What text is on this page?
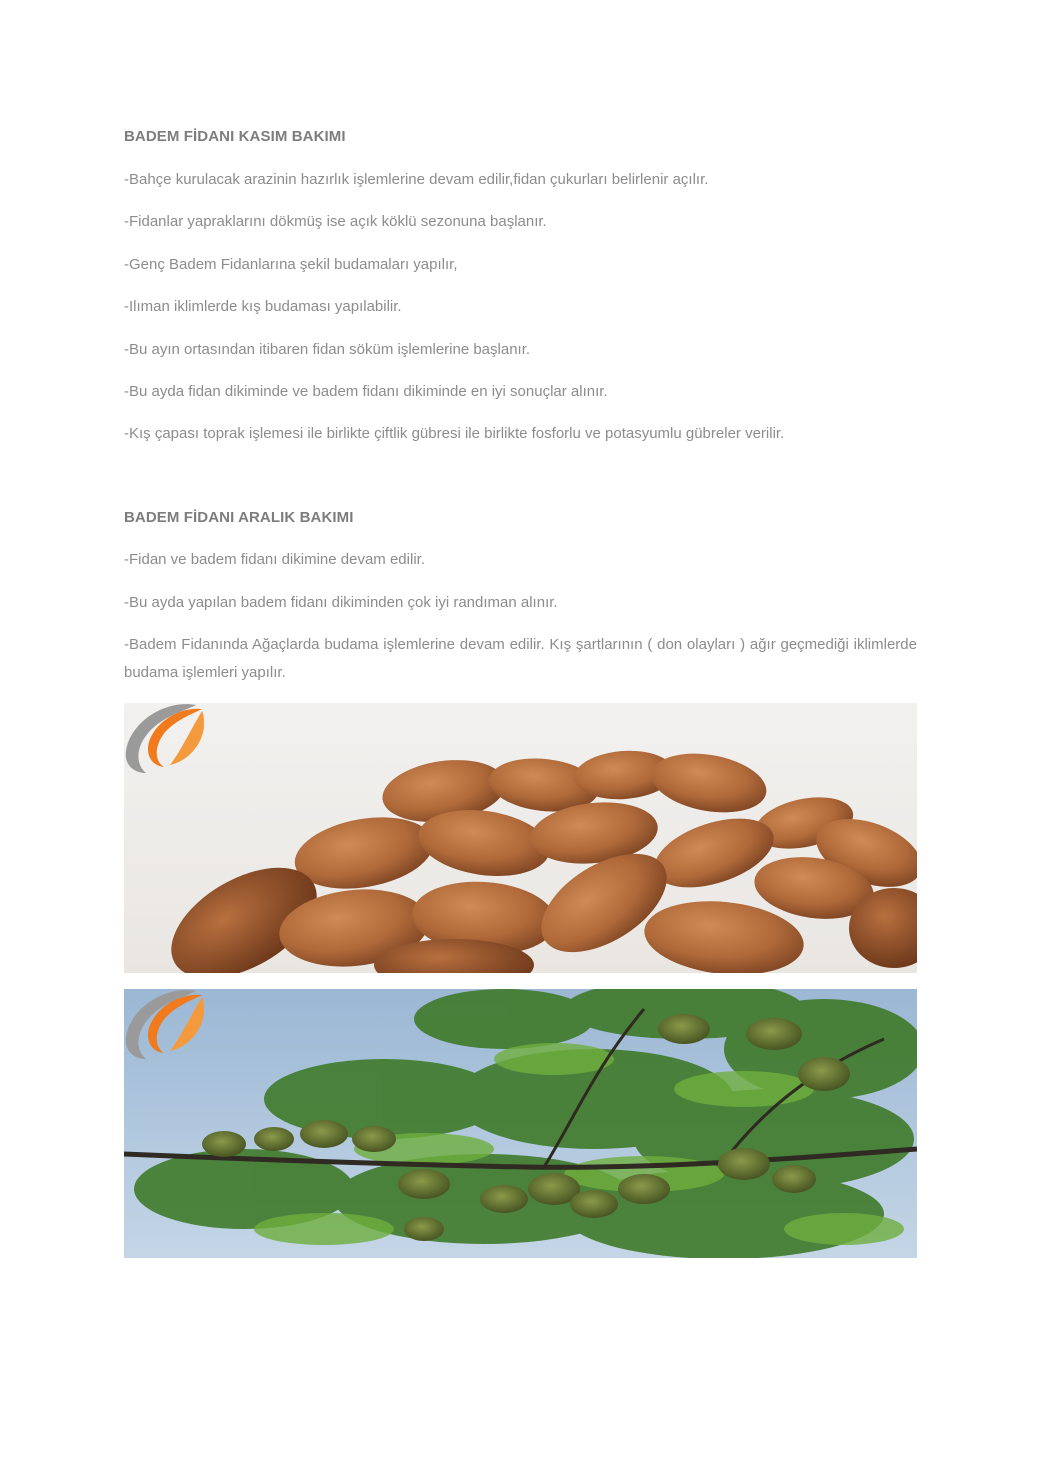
BADEM FİDANI KASIM BAKIMI

-Bahçe kurulacak arazinin hazırlık işlemlerine devam edilir,fidan çukurları belirlenir açılır.

-Fidanlar yapraklarını dökmüş ise açık köklü sezonuna başlanır.

-Genç Badem Fidanlarına şekil budamaları yapılır,

-Ilıman iklimlerde kış budaması yapılabilir.

-Bu ayın ortasından itibaren fidan söküm işlemlerine başlanır.

-Bu ayda fidan dikiminde ve badem fidanı dikiminde en iyi sonuçlar alınır.

-Kış çapası toprak işlemesi ile birlikte çiftlik gübresi ile birlikte fosforlu ve potasyumlu gübreler verilir.

BADEM FİDANI ARALIK BAKIMI

-Fidan ve badem fidanı dikimine devam edilir.

-Bu ayda yapılan badem fidanı dikiminden çok iyi randıman alınır.

-Badem Fidanında Ağaçlarda budama işlemlerine devam edilir. Kış şartlarının ( don olayları ) ağır geçmediği iklimlerde budama işlemleri yapılır.
